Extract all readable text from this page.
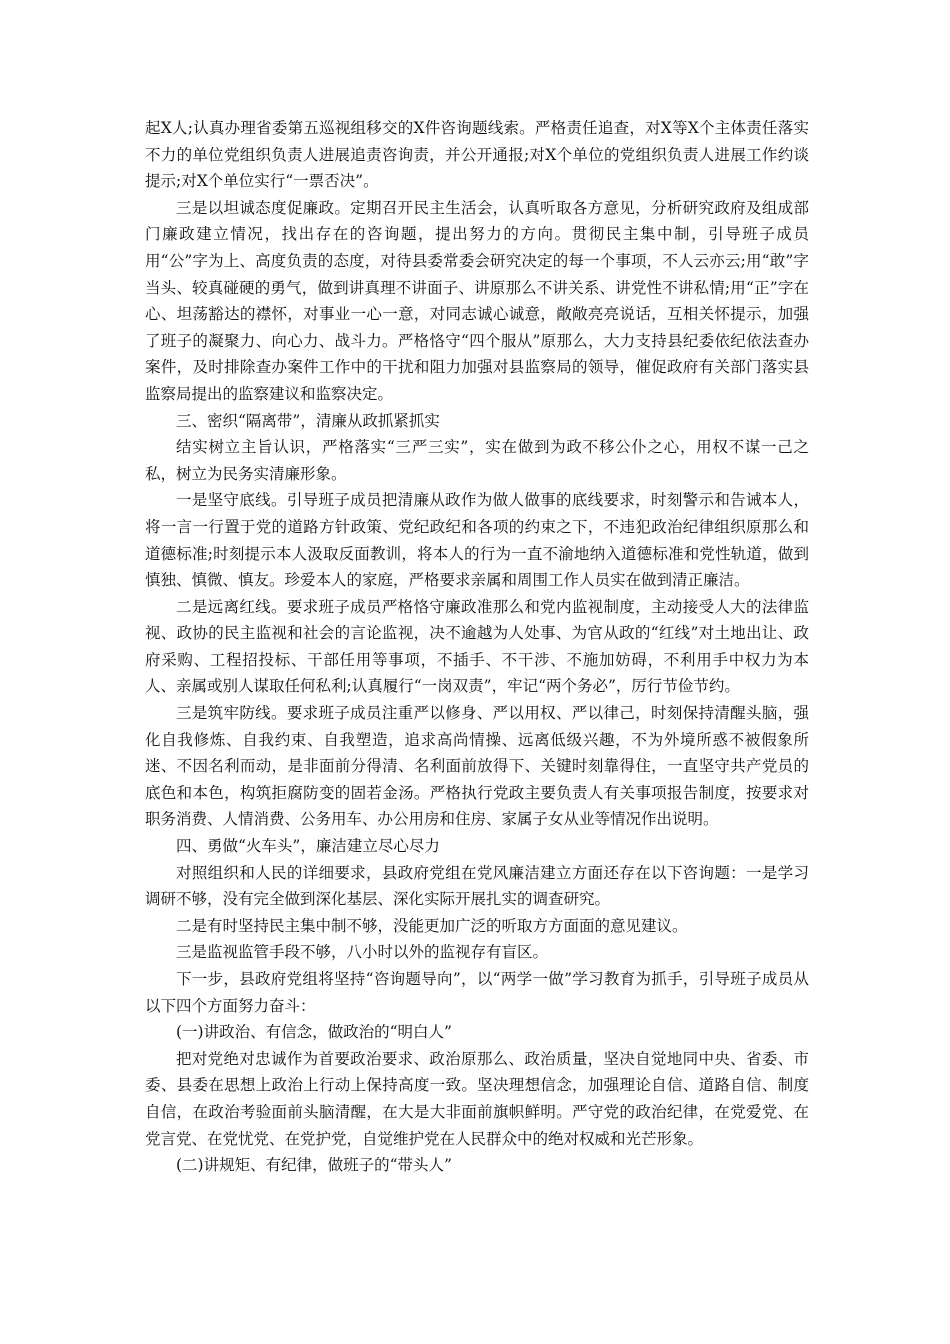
起X人;认真办理省委第五巡视组移交的X件咨询题线索。严格责任追查，对X等X个主体责任落实不力的单位党组织负责人进展追责咨询责，并公开通报;对X个单位的党组织负责人进展工作约谈提示;对X个单位实行“一票否决”。

三是以坦诚态度促廉政。定期召开民主生活会，认真听取各方意见，分析研究政府及组成部门廉政建立情况，找出存在的咨询题，提出努力的方向。贯彻民主集中制，引导班子成员用“公”字为上、高度负责的态度，对待县委常委会研究决定的每一个事项，不人云亦云;用“敢”字当头、较真碰硬的勇气，做到讲真理不讲面子、讲原那么不讲关系、讲党性不讲私情;用“正”字在心、坦荡豁达的襟怀，对事业一心一意，对同志诚心诚意，敞敞亮亮说话，互相关怀提示，加强了班子的凝聚力、向心力、战斗力。严格恪守“四个服从”原那么，大力支持县纪委依纪依法查办案件，及时排除查办案件工作中的干扰和阻力加强对县监察局的领导，催促政府有关部门落实县监察局提出的监察建议和监察决定。

三、密织“隔离带”，清廉从政抓紧抓实

结实树立主旨认识，严格落实“三严三实”，实在做到为政不移公仆之心，用权不谋一己之私，树立为民务实清廉形象。

一是坚守底线。引导班子成员把清廉从政作为做人做事的底线要求，时刻警示和告诫本人，将一言一行置于党的道路方针政策、党纪政纪和各项的约束之下，不违犯政治纪律组织原那么和道德标准;时刻提示本人汲取反面教训，将本人的行为一直不渝地纳入道德标准和党性轨道，做到慎独、慎微、慎友。珍爱本人的家庭，严格要求亲属和周围工作人员实在做到清正廉洁。

二是远离红线。要求班子成员严格恪守廉政准那么和党内监视制度，主动接受人大的法律监视、政协的民主监视和社会的言论监视，决不逾越为人处事、为官从政的“红线”对土地出让、政府采购、工程招投标、干部任用等事项，不插手、不干涉、不施加妨碍，不利用手中权力为本人、亲属或别人谋取任何私利;认真履行“一岗双责”，牢记“两个务必”，厉行节俭节约。

三是筑牢防线。要求班子成员注重严以修身、严以用权、严以律己，时刻保持清醒头脑，强化自我修炼、自我约束、自我塑造，追求高尚情操、远离低级兴趣，不为外境所惑不被假象所迷、不因名利而动，是非面前分得清、名利面前放得下、关键时刻靠得住，一直坚守共产党员的底色和本色，构筑拒腐防变的固若金汤。严格执行党政主要负责人有关事项报告制度，按要求对职务消费、人情消费、公务用车、办公用房和住房、家属子女从业等情况作出说明。

四、勇做“火车头”，廉洁建立尽心尽力

对照组织和人民的详细要求，县政府党组在党风廉洁建立方面还存在以下咨询题：一是学习调研不够，没有完全做到深化基层、深化实际开展扎实的调查研究。

二是有时坚持民主集中制不够，没能更加广泛的听取方方面面的意见建议。

三是监视监管手段不够，八小时以外的监视存有盲区。

下一步，县政府党组将坚持“咨询题导向”，以“两学一做”学习教育为抓手，引导班子成员从以下四个方面努力奋斗：

(一)讲政治、有信念，做政治的“明白人”

把对党绝对忠诚作为首要政治要求、政治原那么、政治质量，坚决自觉地同中央、省委、市委、县委在思想上政治上行动上保持高度一致。坚决理想信念，加强理论自信、道路自信、制度自信，在政治考验面前头脑清醒，在大是大非面前旗帜鲜明。严守党的政治纪律，在党爱党、在党言党、在党忧党、在党护党，自觉维护党在人民群众中的绝对权威和光芒形象。

(二)讲规矩、有纪律，做班子的“带头人”
